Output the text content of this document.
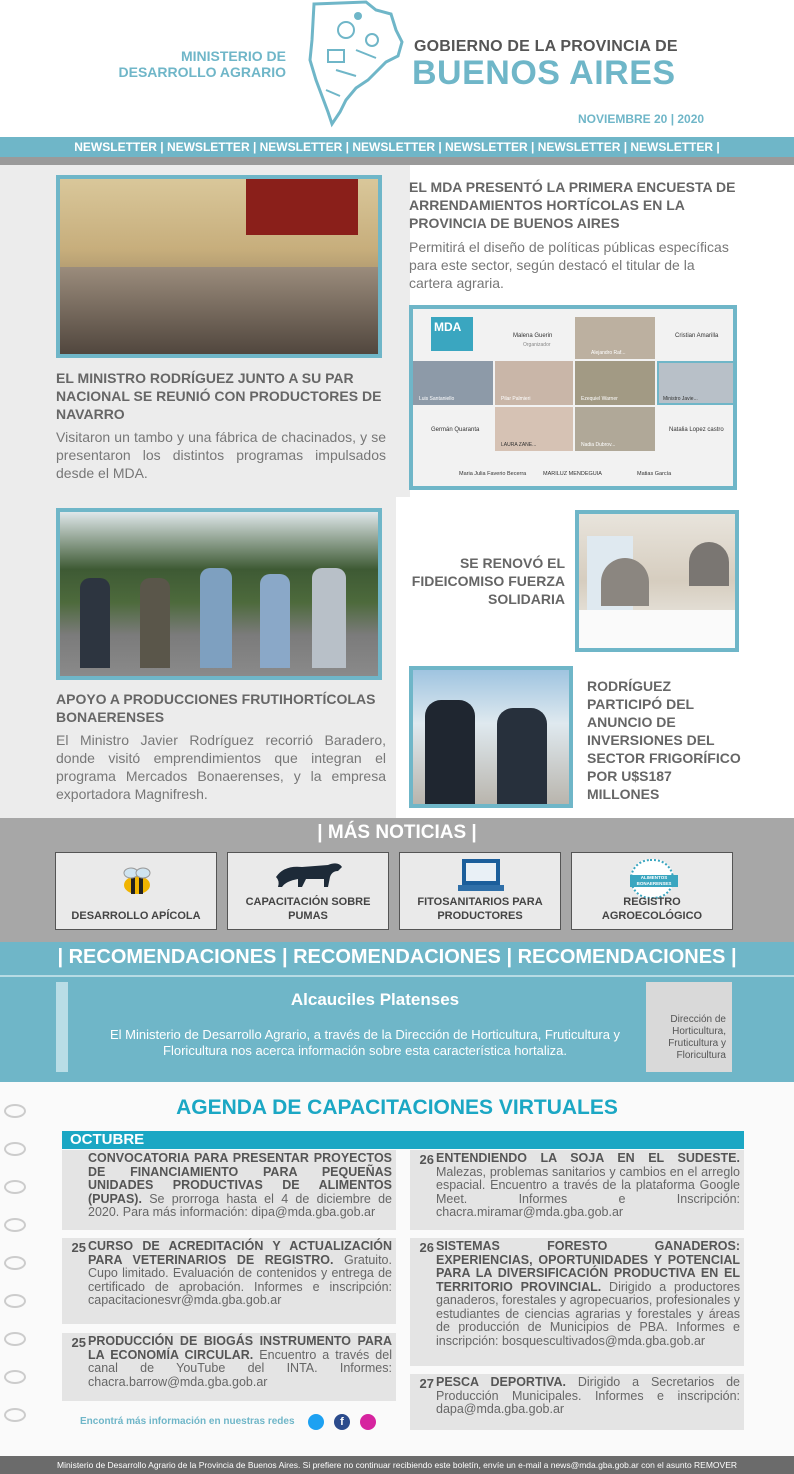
MINISTERIO DE
DESARROLLO AGRARIO
GOBIERNO DE LA PROVINCIA DE
BUENOS AIRES
NOVIEMBRE 20 | 2020
NEWSLETTER | NEWSLETTER | NEWSLETTER | NEWSLETTER | NEWSLETTER | NEWSLETTER | NEWSLETTER |
EL MINISTRO RODRÍGUEZ JUNTO A SU PAR NACIONAL SE REUNIÓ CON PRODUCTORES DE NAVARRO
Visitaron un tambo y una fábrica de chacinados, y se presentaron los distintos programas impulsados desde el MDA.
EL MDA PRESENTÓ LA PRIMERA ENCUESTA DE ARRENDAMIENTOS HORTÍCOLAS EN LA PROVINCIA DE BUENOS AIRES
Permitirá el diseño de políticas públicas específicas para este sector, según destacó el titular de la cartera agraria.
MDA
Malena Guerin
Organizador
Alejandro Raf...
Cristian Amarilla
Luis Santaniello	Pilar Palmieri	Ezequiel Warner	Ministro Javie...
Germán Quaranta
LAURA ZANE...	Nadia Dubrov...
Natalia Lopez castro
Maria Julia Faverio Becerra	MARILUZ MENDEGUIA	Matias García
APOYO A PRODUCCIONES FRUTIHORTÍCOLAS BONAERENSES
El Ministro Javier Rodríguez recorrió Baradero, donde visitó emprendimientos que integran el programa Mercados Bonaerenses, y la empresa exportadora Magnifresh.
SE RENOVÓ EL FIDEICOMISO FUERZA SOLIDARIA
RODRÍGUEZ PARTICIPÓ DEL ANUNCIO DE INVERSIONES DEL SECTOR FRIGORÍFICO POR U$S187 MILLONES
| MÁS NOTICIAS |
DESARROLLO APÍCOLA
CAPACITACIÓN SOBRE PUMAS
FITOSANITARIOS PARA PRODUCTORES
ALIMENTOS BONAERENSES
REGISTRO AGROECOLÓGICO
| RECOMENDACIONES | RECOMENDACIONES | RECOMENDACIONES |
Alcauciles Platenses
El Ministerio de Desarrollo Agrario, a través de la Dirección de Horticultura, Fruticultura y Floricultura nos acerca información sobre esta característica hortaliza.
Dirección de Horticultura, Fruticultura y Floricultura
AGENDA DE CAPACITACIONES VIRTUALES
OCTUBRE
CONVOCATORIA PARA PRESENTAR PROYECTOS DE FINANCIAMIENTO PARA PEQUEÑAS UNIDADES PRODUCTIVAS DE ALIMENTOS (PUPAS). Se prorroga hasta el 4 de diciembre de 2020. Para más información: dipa@mda.gba.gob.ar
25 CURSO DE ACREDITACIÓN Y ACTUALIZACIÓN PARA VETERINARIOS DE REGISTRO. Gratuito. Cupo limitado. Evaluación de contenidos y entrega de certificado de aprobación. Informes e inscripción: capacitacionesvr@mda.gba.gob.ar
25 PRODUCCIÓN DE BIOGÁS INSTRUMENTO PARA LA ECONOMÍA CIRCULAR. Encuentro a través del canal de YouTube del INTA. Informes: chacra.barrow@mda.gba.gob.ar
26 ENTENDIENDO LA SOJA EN EL SUDESTE. Malezas, problemas sanitarios y cambios en el arreglo espacial. Encuentro a través de la plataforma Google Meet. Informes e Inscripción: chacra.miramar@mda.gba.gob.ar
26 SISTEMAS FORESTO GANADEROS: EXPERIENCIAS, OPORTUNIDADES Y POTENCIAL PARA LA DIVERSIFICACIÓN PRODUCTIVA EN EL TERRITORIO PROVINCIAL. Dirigido a productores ganaderos, forestales y agropecuarios, profesionales y estudiantes de ciencias agrarias y forestales y áreas de producción de Municipios de PBA. Informes e inscripción: bosquescultivados@mda.gba.gob.ar
27 PESCA DEPORTIVA. Dirigido a Secretarios de Producción Municipales. Informes e inscripción: dapa@mda.gba.gob.ar
Encontrá más información en nuestras redes	f
Ministerio de Desarrollo Agrario de la Provincia de Buenos Aires. Si prefiere no continuar recibiendo este boletín, envíe un e-mail a news@mda.gba.gob.ar con el asunto REMOVER
